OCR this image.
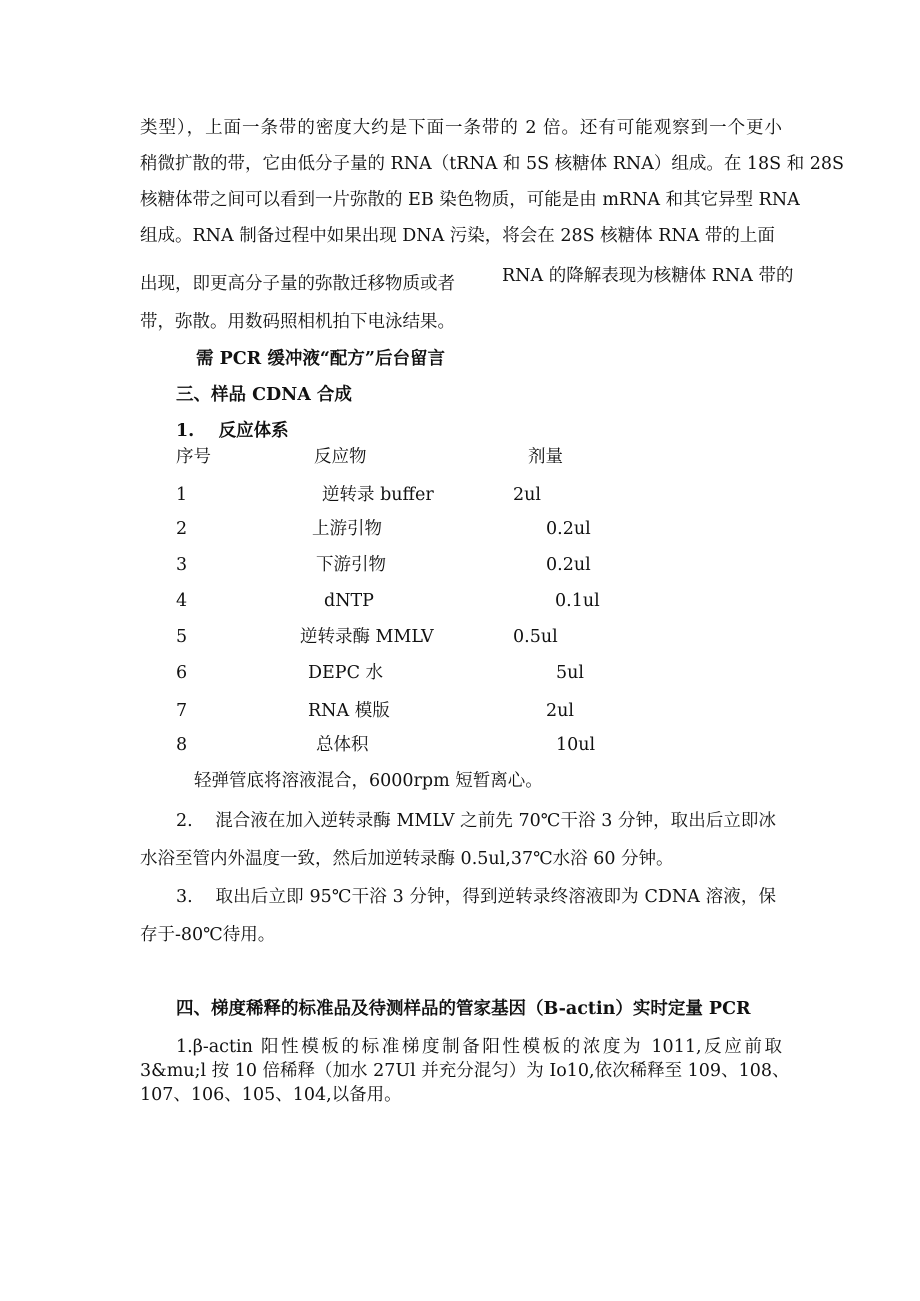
类型），上面一条带的密度大约是下面一条带的 2 倍。还有可能观察到一个更小
稍微扩散的带，它由低分子量的 RNA（tRNA 和 5S 核糖体 RNA）组成。在 18S 和 28S
核糖体带之间可以看到一片弥散的 EB 染色物质，可能是由 mRNA 和其它异型 RNA
组成。RNA 制备过程中如果出现 DNA 污染，将会在 28S 核糖体 RNA 带的上面
出现，即更高分子量的弥散迁移物质或者	RNA 的降解表现为核糖体 RNA 带的
带，弥散。用数码照相机拍下电泳结果。
需 PCR 缓冲液“配方”后台留言
三、样品 CDNA 合成
1.    反应体系
序号	反应物	剂量
1	逆转录 buffer	2ul
2	上游引物	0.2ul
3	下游引物	0.2ul
4	dNTP	0.1ul
5	逆转录酶 MMLV	0.5ul
6	DEPC 水	5ul
7	RNA 模版	2ul
8	总体积	10ul
轻弹管底将溶液混合，6000rpm 短暂离心。
2.    混合液在加入逆转录酶 MMLV 之前先 70℃干浴 3 分钟，取出后立即冰
水浴至管内外温度一致，然后加逆转录酶 0.5ul,37℃水浴 60 分钟。
3.    取出后立即 95℃干浴 3 分钟，得到逆转录终溶液即为 CDNA 溶液，保
存于-80℃待用。
四、梯度稀释的标准品及待测样品的管家基因（B-actin）实时定量 PCR
1.β-actin 阳性模板的标准梯度制备阳性模板的浓度为 1011,反应前取
3&mu;l 按 10 倍稀释（加水 27Ul 并充分混匀）为 Io10,依次稀释至 109、108、
107、106、105、104,以备用。
